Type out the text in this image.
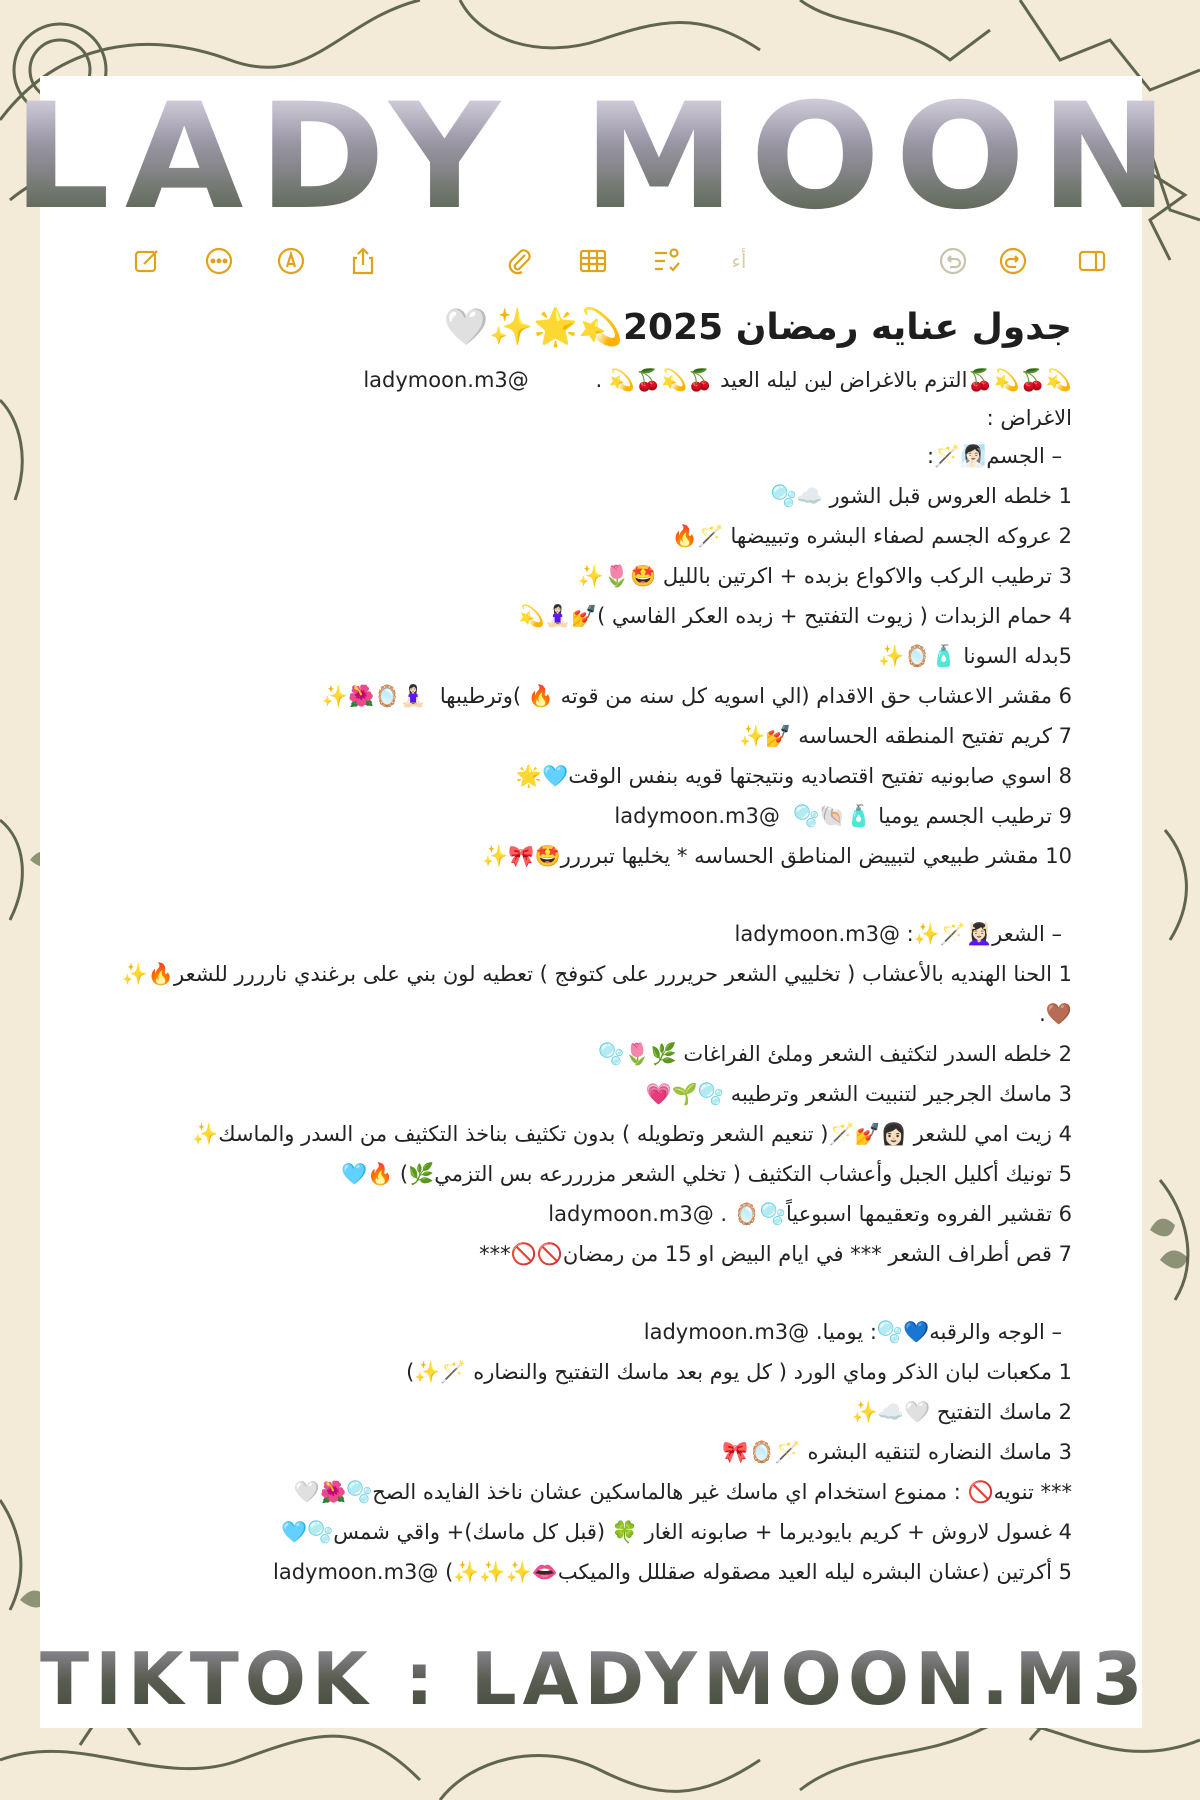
LADY MOON
أء
جدول عنايه رمضان 2025💫🌟✨🤍
💫🍒💫🍒التزم بالاغراض لين ليله العيد 🍒💫🍒💫 .          @ladymoon.m3
الاغراض :
– الجسم🧖🏻‍♀️🪄:
1 خلطه العروس قبل الشور ☁️🫧
2 عروكه الجسم لصفاء البشره وتبييضها 🪄🔥
3 ترطيب الركب والاكواع بزبده + اكرتين بالليل 🤩🌷✨
4 حمام الزبدات ( زيوت التفتيح + زبده العكر الفاسي )💅🧘🏻‍♀️💫
5بدله السونا 🧴🪞✨
6 مقشر الاعشاب حق الاقدام (الي اسويه كل سنه من قوته 🔥 )وترطيبها  🧘🏻‍♀️🪞🌺✨
7 كريم تفتيح المنطقه الحساسه 💅✨
8 اسوي صابونيه تفتيح اقتصاديه ونتيجتها قويه بنفس الوقت🩵🌟
9 ترطيب الجسم يوميا 🧴🐚🫧  @ladymoon.m3
10 مقشر طبيعي لتبييض المناطق الحساسه * يخليها تبرررر🤩🎀✨
– الشعر💆🏻‍♀️🪄✨: @ladymoon.m3
1 الحنا الهنديه بالأعشاب ( تخلييي الشعر حريررر على كتوفج ) تعطيه لون بني على برغندي نارررر للشعر🔥✨🤎.
2 خلطه السدر لتكثيف الشعر وملئ الفراغات 🌿🌷🫧
3 ماسك الجرجير لتنبيت الشعر وترطيبه 🫧🌱💗
4 زيت امي للشعر 👩🏻💅🪄( تنعيم الشعر وتطويله ) بدون تكثيف بناخذ التكثيف من السدر والماسك✨
5 تونيك أكليل الجبل وأعشاب التكثيف ( تخلي الشعر مزرررعه بس التزمي🌿) 🔥🩵
6 تقشير الفروه وتعقيمها اسبوعياً🫧🪞 . @ladymoon.m3
7 قص أطراف الشعر *** في ايام البيض او 15 من رمضان🚫🚫***
– الوجه والرقبه💙🫧: يوميا. @ladymoon.m3
1 مكعبات لبان الذكر وماي الورد ( كل يوم بعد ماسك التفتيح والنضاره 🪄✨)
2 ماسك التفتيح 🤍☁️✨
3 ماسك النضاره لتنقيه البشره 🪄🪞🎀
*** تنويه🚫 : ممنوع استخدام اي ماسك غير هالماسكين عشان ناخذ الفايده الصح🫧🌺🤍
4 غسول لاروش + كريم بايوديرما + صابونه الغار 🍀 (قبل كل ماسك)+ واقي شمس🫧🩵
5 أكرتين (عشان البشره ليله العيد مصقوله صقللل والميكب👄✨✨✨) @ladymoon.m3
TIKTOK : LADYMOON.M3
